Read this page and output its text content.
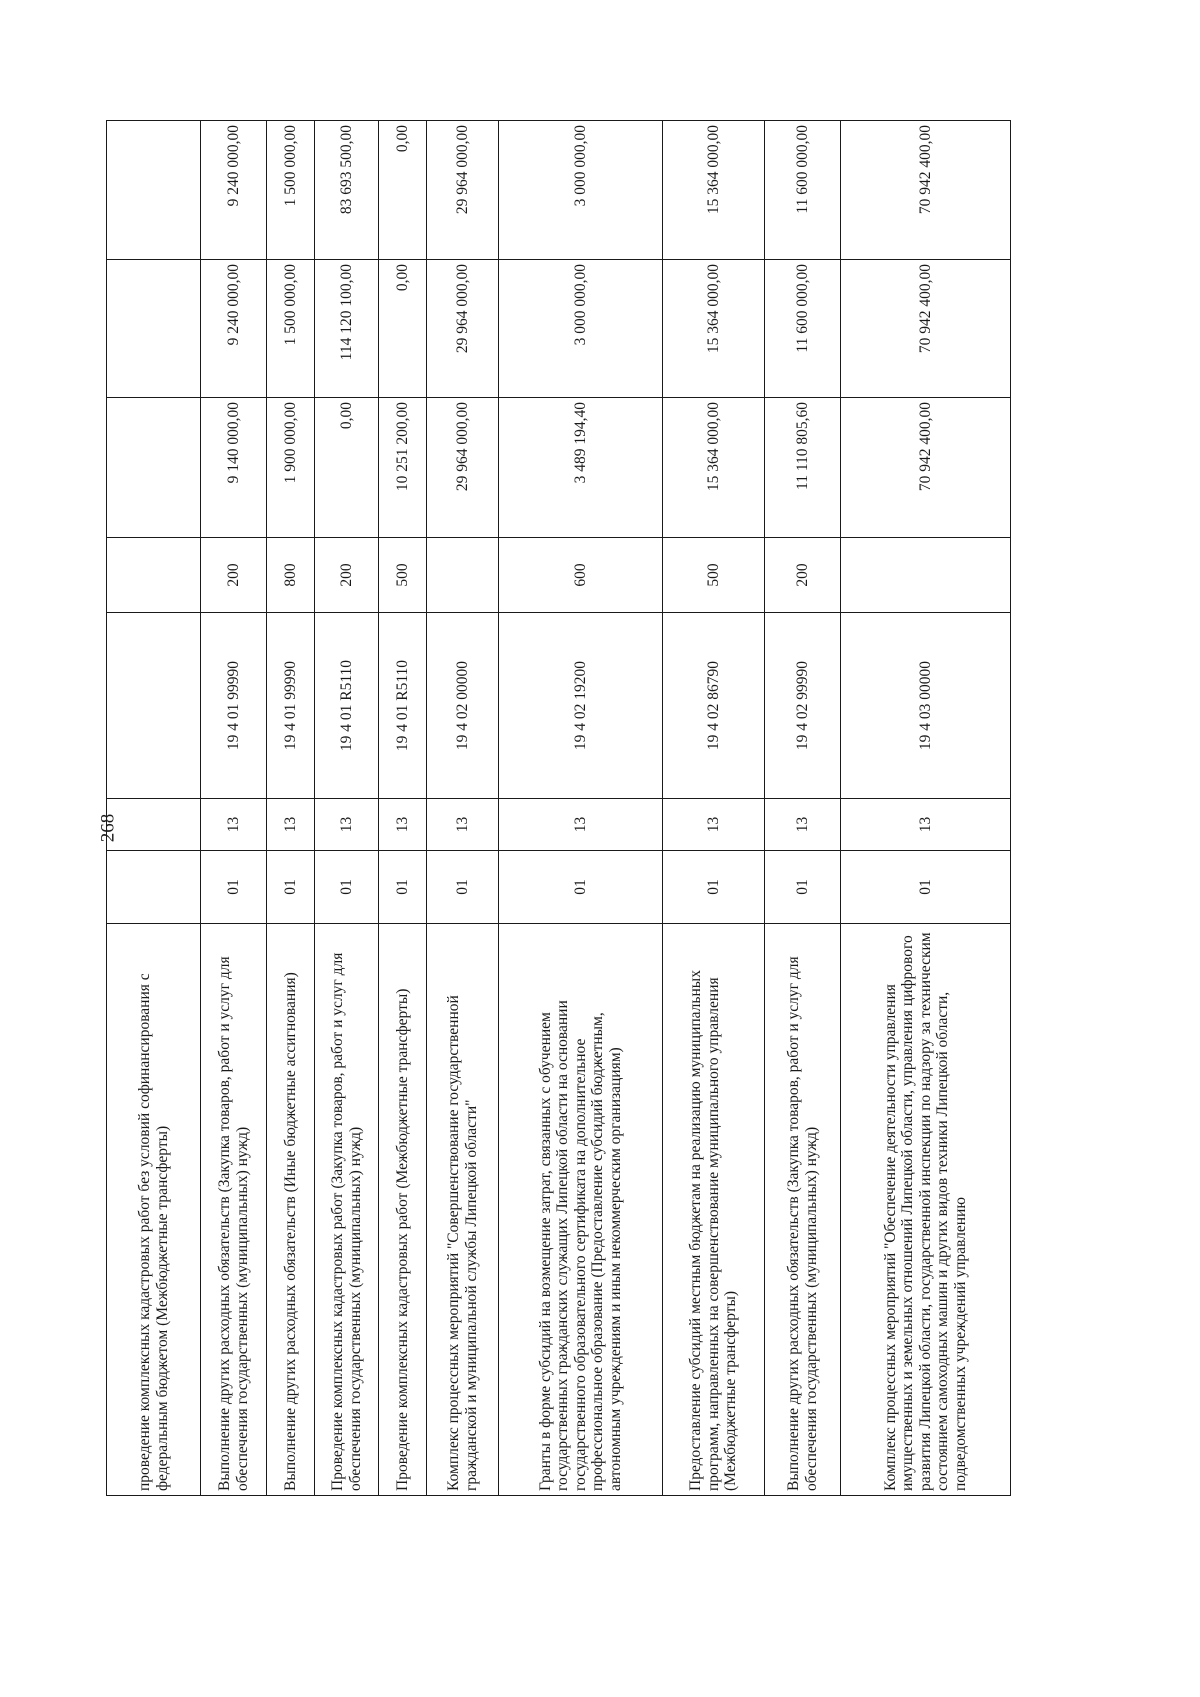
268
проведение комплексных кадастровых работ без условий софинансирования с федеральным бюджетом (Межбюджетные трансферты)							
Выполнение других расходных обязательств (Закупка товаров, работ и услуг для обеспечения государственных (муниципальных) нужд)	01	13	19 4 01 99990	200	9 140 000,00	9 240 000,00	9 240 000,00
Выполнение других расходных обязательств (Иные бюджетные ассигнования)	01	13	19 4 01 99990	800	1 900 000,00	1 500 000,00	1 500 000,00
Проведение комплексных кадастровых работ (Закупка товаров, работ и услуг для обеспечения государственных (муниципальных) нужд)	01	13	19 4 01 R5110	200	0,00	114 120 100,00	83 693 500,00
Проведение комплексных кадастровых работ (Межбюджетные трансферты)	01	13	19 4 01 R5110	500	10 251 200,00	0,00	0,00
Комплекс процессных мероприятий "Совершенствование государственной гражданской и муниципальной службы Липецкой области"	01	13	19 4 02 00000		29 964 000,00	29 964 000,00	29 964 000,00
Гранты в форме субсидий на возмещение затрат, связанных с обучением государственных гражданских служащих Липецкой области на основании государственного образовательного сертификата на дополнительное профессиональное образование (Предоставление субсидий бюджетным, автономным учреждениям и иным некоммерческим организациям)	01	13	19 4 02 19200	600	3 489 194,40	3 000 000,00	3 000 000,00
Предоставление субсидий местным бюджетам на реализацию муниципальных программ, направленных на совершенствование муниципального управления (Межбюджетные трансферты)	01	13	19 4 02 86790	500	15 364 000,00	15 364 000,00	15 364 000,00
Выполнение других расходных обязательств (Закупка товаров, работ и услуг для обеспечения государственных (муниципальных) нужд)	01	13	19 4 02 99990	200	11 110 805,60	11 600 000,00	11 600 000,00
Комплекс процессных мероприятий "Обеспечение деятельности управления имущественных и земельных отношений Липецкой области, управления цифрового развития Липецкой области, государственной инспекции по надзору за техническим состоянием самоходных машин и других видов техники Липецкой области, подведомственных учреждений управлению	01	13	19 4 03 00000		70 942 400,00	70 942 400,00	70 942 400,00
